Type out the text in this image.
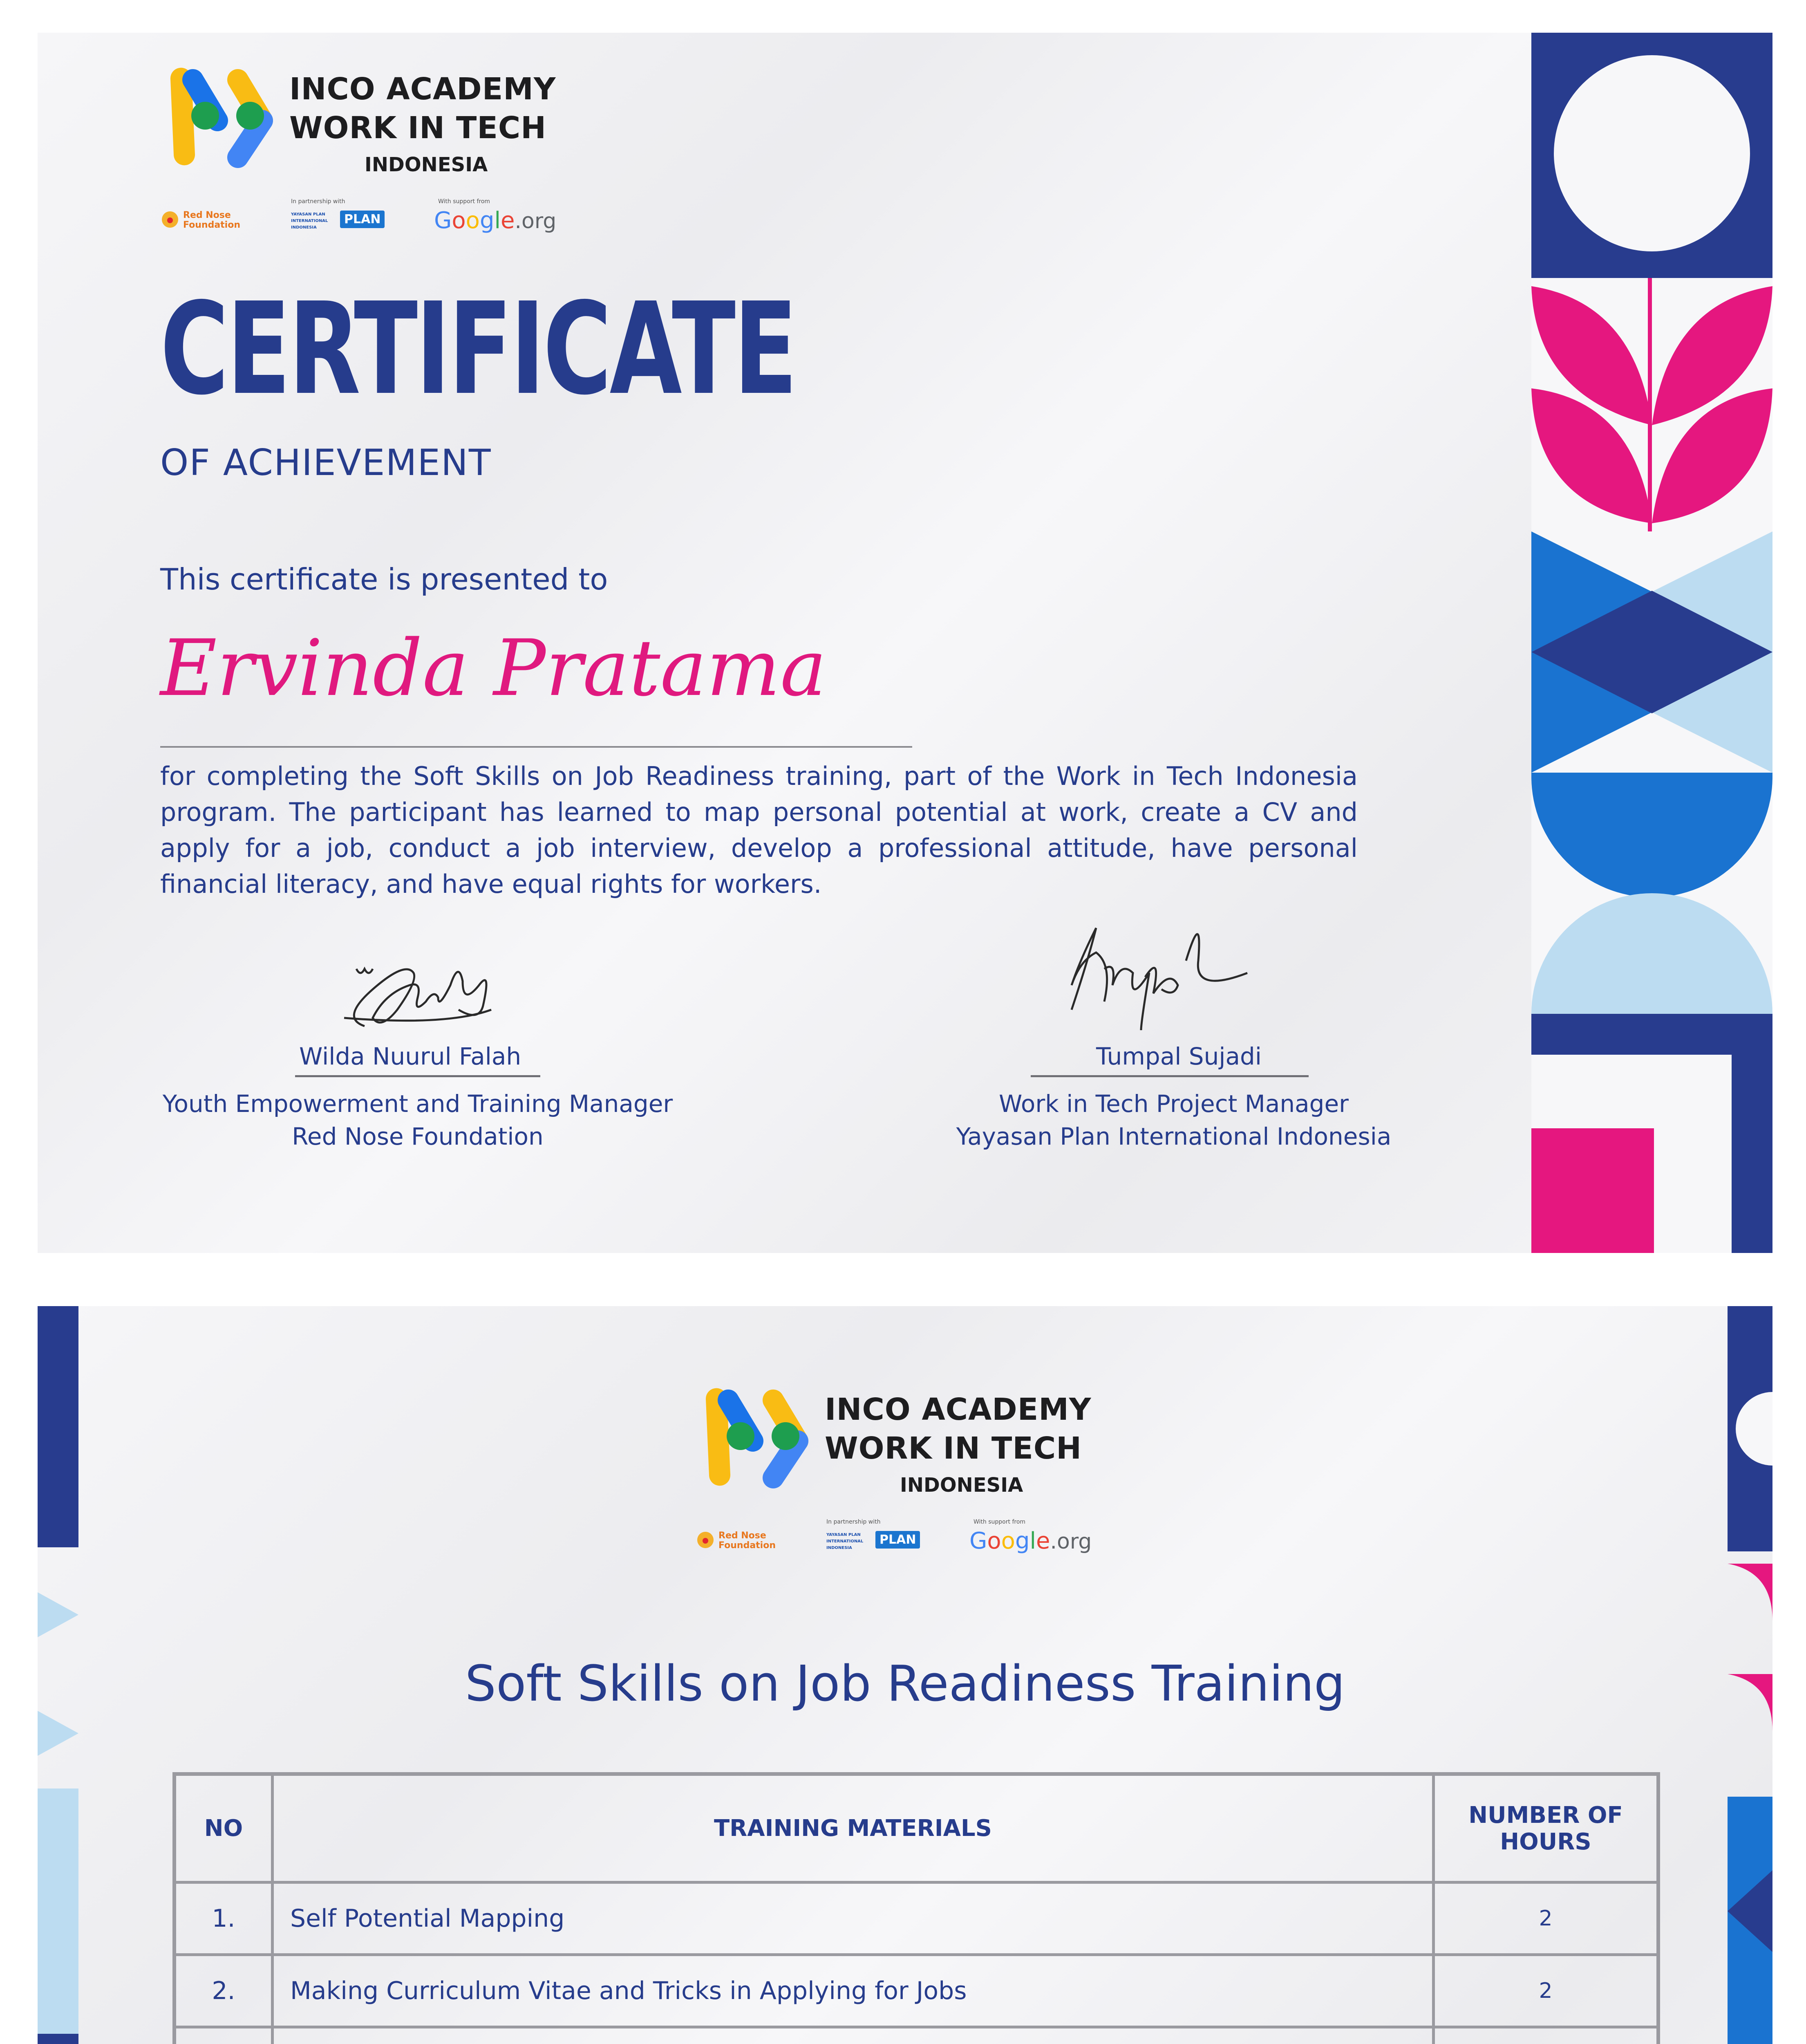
INCO ACADEMY
WORK IN TECH
INDONESIA
Red Nose Foundation
In partnership with
YAYASAN PLAN INTERNATIONAL INDONESIA
PLAN
With support from
Google.org
CERTIFICATE
OF ACHIEVEMENT
This certificate is presented to
Ervinda Pratama
for completing the Soft Skills on Job Readiness training, part of the Work in Tech Indonesia program. The participant has learned to map personal potential at work, create a CV and apply for a job, conduct a job interview, develop a professional attitude, have personal financial literacy, and have equal rights for workers.
Wilda Nuurul Falah
Youth Empowerment and Training Manager
Red Nose Foundation
Tumpal Sujadi
Work in Tech Project Manager
Yayasan Plan International Indonesia
INCO ACADEMY
WORK IN TECH
INDONESIA
Red Nose Foundation
In partnership with
YAYASAN PLAN INTERNATIONAL INDONESIA
PLAN
With support from
Google.org
Soft Skills on Job Readiness Training
NO	TRAINING MATERIALS	NUMBER OF
HOURS
1.	Self Potential Mapping	2
2.	Making Curriculum Vitae and Tricks in Applying for Jobs	2
